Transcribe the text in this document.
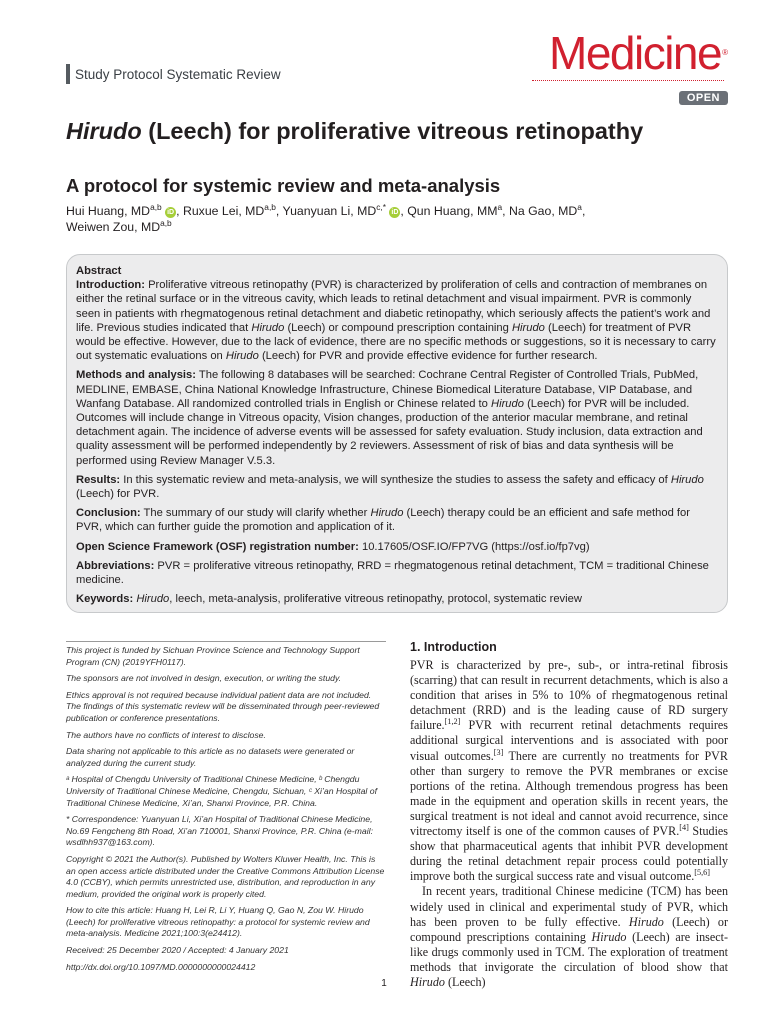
Study Protocol Systematic Review	Medicine®
OPEN
Hirudo (Leech) for proliferative vitreous retinopathy
A protocol for systemic review and meta-analysis
Hui Huang, MD$^{a,b}$ iD , Ruxue Lei, MD$^{a,b}$, Yuanyuan Li, $MD^{c,*}$ iD , Qun Huang, $MM^a$, Na Gao, $MD^a$,
Weiwen Zou, MD$^{a,b}$

Abstract

Introduction: Proliferative vitreous retinopathy (PVR) is characterized by proliferation of cells and contraction of membranes on either the retinal surface or in the vitreous cavity, which leads to retinal detachment and visual impairment. PVR is commonly seen in patients with rhegmatogenous retinal detachment and diabetic retinopathy, which seriously affects the patient’s work and life. Previous studies indicated that Hirudo (Leech) or compound prescription containing Hirudo (Leech) for treatment of PVR would be effective. However, due to the lack of evidence, there are no specific methods or suggestions, so it is necessary to carry out systematic evaluations on Hirudo (Leech) for PVR and provide effective evidence for further research.

Methods and analysis: The following 8 databases will be searched: Cochrane Central Register of Controlled Trials, PubMed, MEDLINE, EMBASE, China National Knowledge Infrastructure, Chinese Biomedical Literature Database, VIP Database, and Wanfang Database. All randomized controlled trials in English or Chinese related to Hirudo (Leech) for PVR will be included. Outcomes will include change in Vitreous opacity, Vision changes, production of the anterior macular membrane, and retinal detachment again. The incidence of adverse events will be assessed for safety evaluation. Study inclusion, data extraction and quality assessment will be performed independently by 2 reviewers. Assessment of risk of bias and data synthesis will be performed using Review Manager V.5.3.

Results: In this systematic review and meta-analysis, we will synthesize the studies to assess the safety and efficacy of Hirudo (Leech) for PVR.

Conclusion: The summary of our study will clarify whether Hirudo (Leech) therapy could be an efficient and safe method for PVR, which can further guide the promotion and application of it.

Open Science Framework (OSF) registration number: 10.17605/OSF.IO/FP7VG (https://osf.io/fp7vg)

Abbreviations: PVR = proliferative vitreous retinopathy, RRD = rhegmatogenous retinal detachment, TCM = traditional Chinese medicine.

Keywords: Hirudo, leech, meta-analysis, proliferative vitreous retinopathy, protocol, systematic review

This project is funded by Sichuan Province Science and Technology Support Program (CN) (2019YFH0117).

The sponsors are not involved in design, execution, or writing the study.

Ethics approval is not required because individual patient data are not included. The findings of this systematic review will be disseminated through peer-reviewed publication or conference presentations.

The authors have no conflicts of interest to disclose.

Data sharing not applicable to this article as no datasets were generated or analyzed during the current study.

ᵃ Hospital of Chengdu University of Traditional Chinese Medicine, ᵇ Chengdu University of Traditional Chinese Medicine, Chengdu, Sichuan, ᶜ Xi’an Hospital of Traditional Chinese Medicine, Xi’an, Shanxi Province, P.R. China.

* Correspondence: Yuanyuan Li, Xi’an Hospital of Traditional Chinese Medicine, No.69 Fengcheng 8th Road, Xi’an 710001, Shanxi Province, P.R. China (e-mail: wsdlhh937@163.com).

Copyright © 2021 the Author(s). Published by Wolters Kluwer Health, Inc. This is an open access article distributed under the Creative Commons Attribution License 4.0 (CCBY), which permits unrestricted use, distribution, and reproduction in any medium, provided the original work is properly cited.

How to cite this article: Huang H, Lei R, Li Y, Huang Q, Gao N, Zou W. Hirudo (Leech) for proliferative vitreous retinopathy: a protocol for systemic review and meta-analysis. Medicine 2021;100:3(e24412).

Received: 25 December 2020 / Accepted: 4 January 2021

http://dx.doi.org/10.1097/MD.0000000000024412

1. Introduction

PVR is characterized by pre-, sub-, or intra-retinal fibrosis (scarring) that can result in recurrent detachments, which is also a condition that arises in 5% to 10% of rhegmatogenous retinal detachment (RRD) and is the leading cause of RD surgery failure.[1,2] PVR with recurrent retinal detachments requires additional surgical interventions and is associated with poor visual outcomes.[3] There are currently no treatments for PVR other than surgery to remove the PVR membranes or excise portions of the retina. Although tremendous progress has been made in the equipment and operation skills in recent years, the surgical treatment is not ideal and cannot avoid recurrence, since vitrectomy itself is one of the common causes of PVR.[4] Studies show that pharmaceutical agents that inhibit PVR development during the retinal detachment repair process could potentially improve both the surgical success rate and visual outcome.[5,6]

In recent years, traditional Chinese medicine (TCM) has been widely used in clinical and experimental study of PVR, which has been proven to be fully effective. Hirudo (Leech) or compound prescriptions containing Hirudo (Leech) are insect-like drugs commonly used in TCM. The exploration of treatment methods that invigorate the circulation of blood show that Hirudo (Leech)

1
